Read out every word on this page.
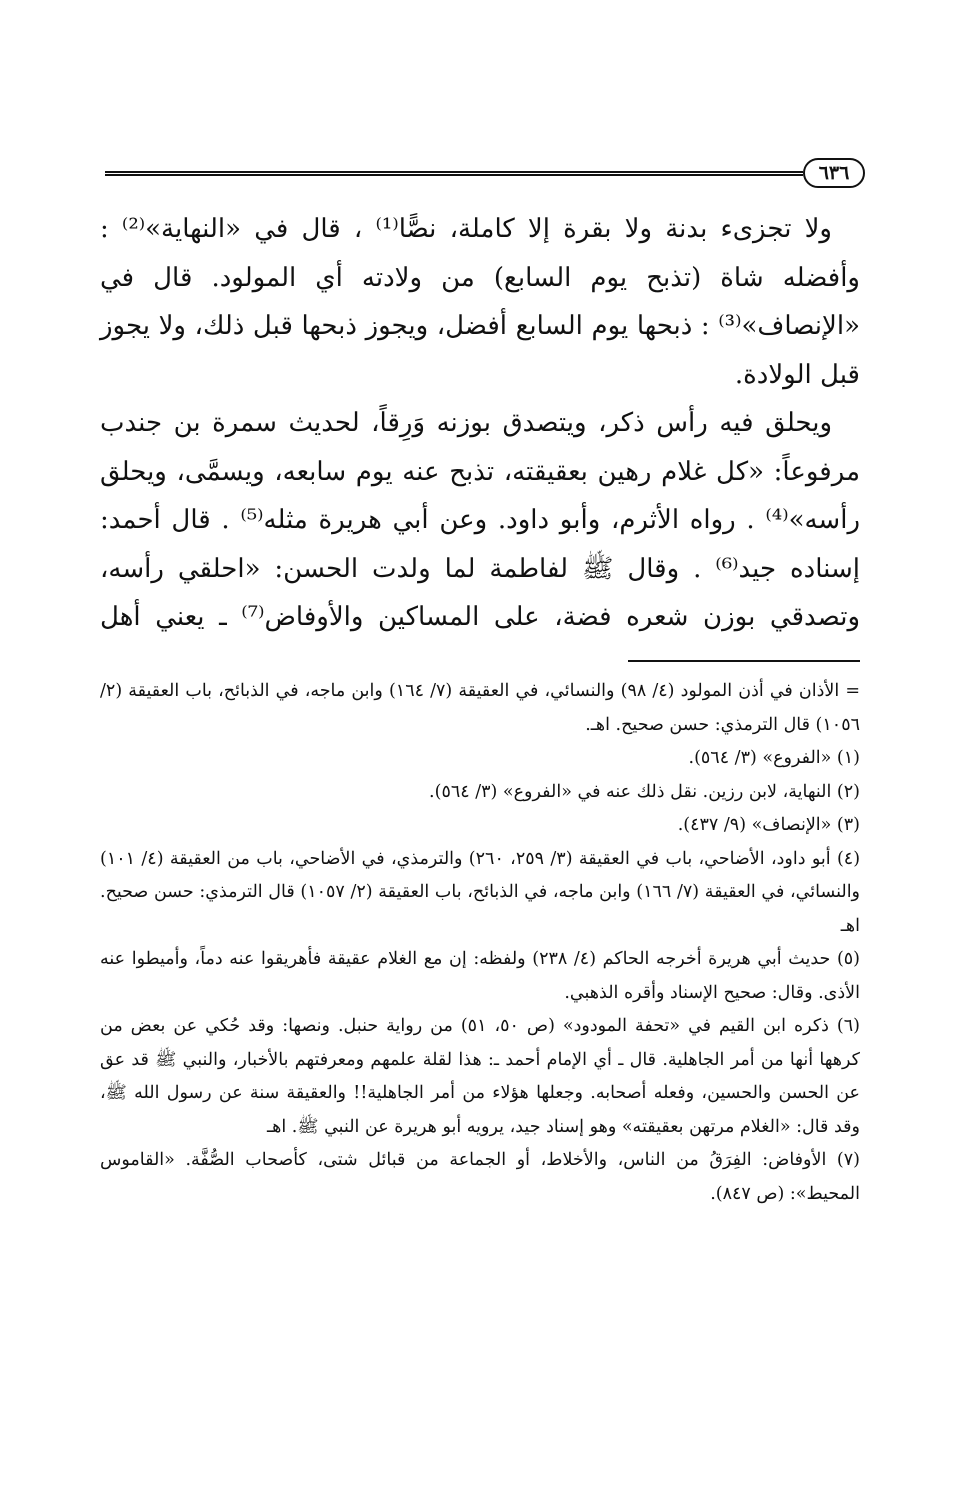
٦٣٦

ولا تجزىء بدنة ولا بقرة إلا كاملة، نصًّا⁽¹⁾ ، قال في «النهاية»⁽²⁾ : وأفضله شاة (تذبح يوم السابع) من ولادته أي المولود. قال في «الإنصاف»⁽³⁾ : ذبحها يوم السابع أفضل، ويجوز ذبحها قبل ذلك، ولا يجوز قبل الولادة.

ويحلق فيه رأس ذكر، ويتصدق بوزنه وَرِقاً، لحديث سمرة بن جندب مرفوعاً: «كل غلام رهين بعقيقته، تذبح عنه يوم سابعه، ويسمَّى، ويحلق رأسه»⁽⁴⁾ . رواه الأثرم، وأبو داود. وعن أبي هريرة مثله⁽⁵⁾ . قال أحمد: إسناده جيد⁽⁶⁾ . وقال ﷺ لفاطمة لما ولدت الحسن: «احلقي رأسه، وتصدقي بوزن شعره فضة، على المساكين والأوفاض⁽⁷⁾ ـ يعني أهل

= الأذان في أذن المولود (٤/ ٩٨) والنسائي، في العقيقة (٧/ ١٦٤) وابن ماجه، في الذبائح، باب العقيقة (٢/ ١٠٥٦) قال الترمذي: حسن صحيح. اهـ.

(١) «الفروع» (٣/ ٥٦٤).

(٢) النهاية، لابن رزين. نقل ذلك عنه في «الفروع» (٣/ ٥٦٤).

(٣) «الإنصاف» (٩/ ٤٣٧).

(٤) أبو داود، الأضاحي، باب في العقيقة (٣/ ٢٥٩، ٢٦٠) والترمذي، في الأضاحي، باب من العقيقة (٤/ ١٠١) والنسائي، في العقيقة (٧/ ١٦٦) وابن ماجه، في الذبائح، باب العقيقة (٢/ ١٠٥٧) قال الترمذي: حسن صحيح. اهـ

(٥) حديث أبي هريرة أخرجه الحاكم (٤/ ٢٣٨) ولفظه: إن مع الغلام عقيقة فأهريقوا عنه دماً، وأميطوا عنه الأذى. وقال: صحيح الإسناد وأقره الذهبي.

(٦) ذكره ابن القيم في «تحفة المودود» (ص ٥٠، ٥١) من رواية حنبل. ونصها: وقد حُكي عن بعض من كرهها أنها من أمر الجاهلية. قال ـ أي الإمام أحمد ـ: هذا لقلة علمهم ومعرفتهم بالأخبار، والنبي ﷺ قد عق عن الحسن والحسين، وفعله أصحابه. وجعلها هؤلاء من أمر الجاهلية!! والعقيقة سنة عن رسول الله ﷺ، وقد قال: «الغلام مرتهن بعقيقته» وهو إسناد جيد، يرويه أبو هريرة عن النبي ﷺ. اهـ

(٧) الأوفاض: الفِرَقُ من الناس، والأخلاط، أو الجماعة من قبائل شتى، كأصحاب الصُّفَّة. «القاموس المحيط»: (ص ٨٤٧).
